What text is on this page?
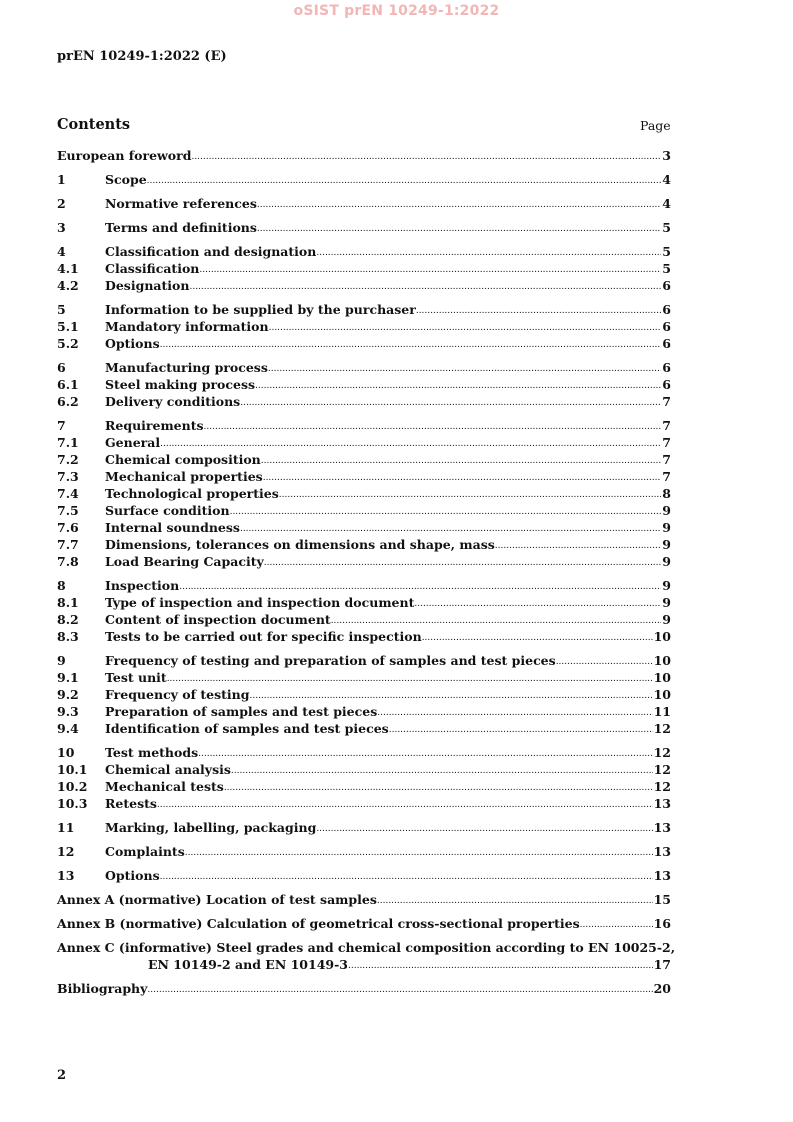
oSIST prEN 10249-1:2022
prEN 10249-1:2022 (E)
Contents	Page
European foreword .....	3
1	Scope .....	4
2	Normative references .....	4
3	Terms and definitions .....	5
4	Classification and designation .....	5
4.1	Classification .....	5
4.2	Designation .....	6
5	Information to be supplied by the purchaser .....	6
5.1	Mandatory information .....	6
5.2	Options .....	6
6	Manufacturing process .....	6
6.1	Steel making process .....	6
6.2	Delivery conditions .....	7
7	Requirements .....	7
7.1	General .....	7
7.2	Chemical composition .....	7
7.3	Mechanical properties .....	7
7.4	Technological properties .....	8
7.5	Surface condition .....	9
7.6	Internal soundness .....	9
7.7	Dimensions, tolerances on dimensions and shape, mass .....	9
7.8	Load Bearing Capacity .....	9
8	Inspection .....	9
8.1	Type of inspection and inspection document .....	9
8.2	Content of inspection document .....	9
8.3	Tests to be carried out for specific inspection .....	10
9	Frequency of testing and preparation of samples and test pieces .....	10
9.1	Test unit .....	10
9.2	Frequency of testing .....	10
9.3	Preparation of samples and test pieces .....	11
9.4	Identification of samples and test pieces .....	12
10	Test methods .....	12
10.1	Chemical analysis .....	12
10.2	Mechanical tests .....	12
10.3	Retests .....	13
11	Marking, labelling, packaging .....	13
12	Complaints .....	13
13	Options .....	13
Annex A (normative) Location of test samples .....	15
Annex B (normative) Calculation of geometrical cross-sectional properties .....	16
Annex C (informative) Steel grades and chemical composition according to EN 10025-2,
EN 10149-2 and EN 10149-3 .....	17
Bibliography .....	20
2
